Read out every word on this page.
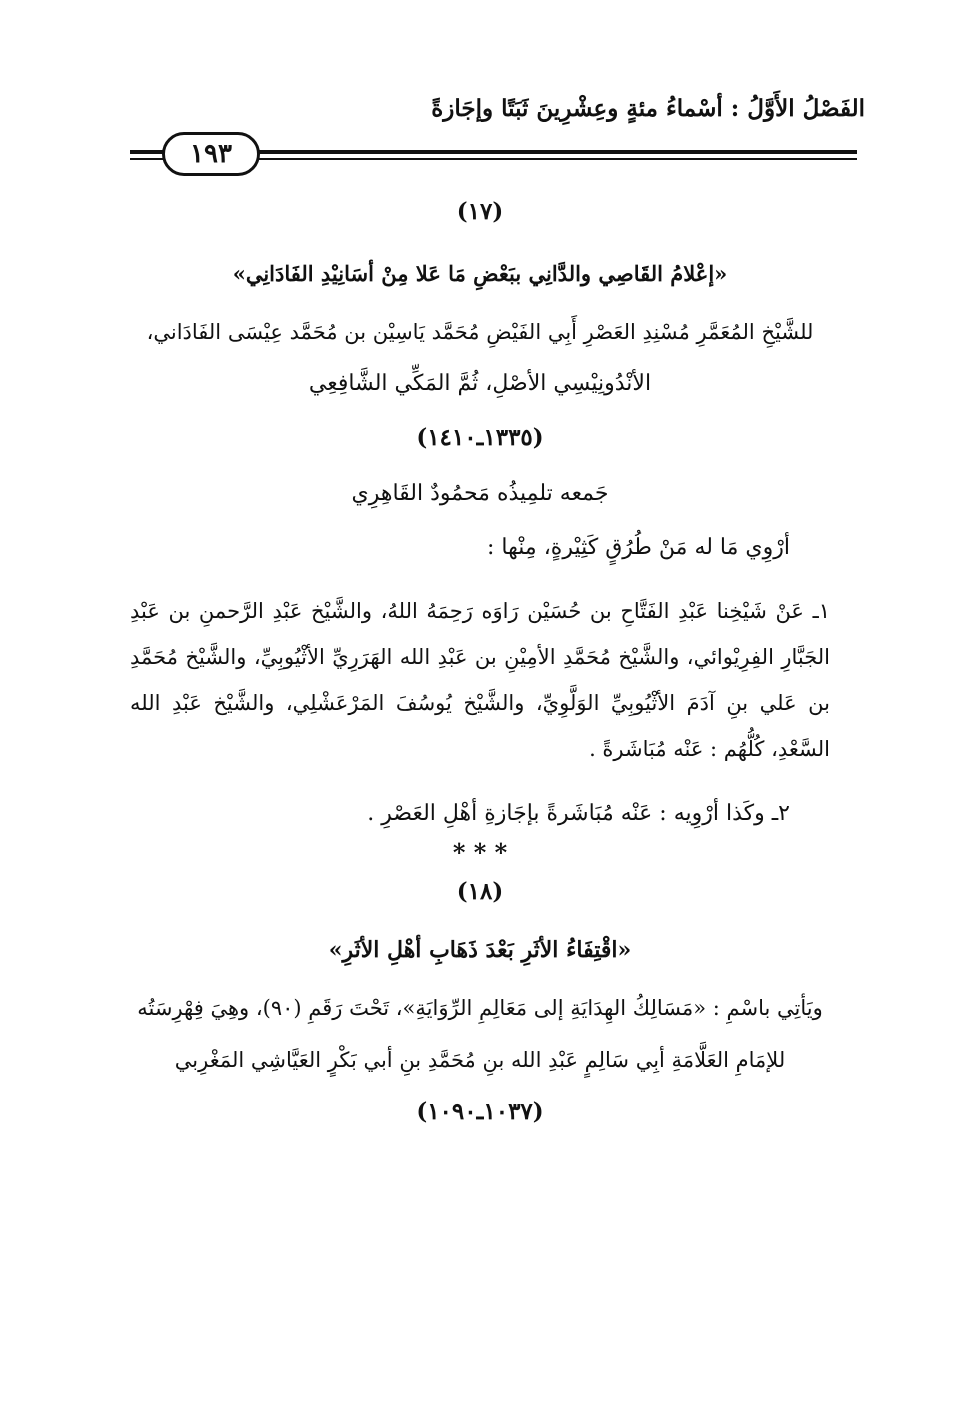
الفَصْلُ الأَوَّلُ : أسْماءُ مئةٍ وعِشْرِينَ ثَبَتًا وإجَازةً
١٩٣
(١٧)
«إعْلامُ القَاصِي والدَّانِي ببَعْضِ مَا عَلا مِنْ أسَانِيْدِ الفَادَانِي»
للشَّيْخِ المُعَمَّرِ مُسْنِدِ العَصْرِ أَبِي الفَيْضِ مُحَمَّد يَاسِيْن بن مُحَمَّد عِيْسَى الفَادَاني،
الأنْدُونِيْسِي الأصْلِ، ثُمَّ المَكِّي الشَّافِعِي
(١٣٣٥ـ١٤١٠)
جَمعه تلمِيذُه مَحمُودٌ القَاهِرِي
أرْوِي مَا له مَنْ طُرُقٍ كَثِيْرةٍ، مِنْها :
١ـ عَنْ شَيْخِنا عَبْدِ الفَتَّاحِ بن حُسَيْن رَاوَه رَحِمَهُ اللهُ، والشَّيْخ عَبْدِ الرَّحمنِ بن عَبْدِ الجَبَّارِ الفِرِيْوائي، والشَّيْخ مُحَمَّدِ الأمِيْنِ بن عَبْدِ الله الهَرَرِيِّ الأثْيُوبِيِّ، والشَّيْخ مُحَمَّدِ بن عَلي بنِ آدَمَ الأثْيُوبِيِّ الوَلَّوِيِّ، والشَّيْخ يُوسُفَ المَرْعَشْلِي، والشَّيْخ عَبْدِ الله السَّعْدِ، كُلُّهُم : عَنْه مُبَاشَرةً .
٢ـ وكَذا أرْوِيه : عَنْه مُبَاشَرةً بإجَازةِ أهْلِ العَصْرِ .
* * *
(١٨)
«اقْتِفَاءُ الأثَرِ بَعْدَ ذَهَابِ أهْلِ الأثَرِ»
ويَأتِي باسْمِ : «مَسَالِكُ الهِدَايَةِ إلى مَعَالِمِ الرِّوَايَةِ»، تَحْتَ رَقَمِ (٩٠)، وهِيَ فِهْرِسَتُه
للإمَامِ العَلَّامَةِ أبِي سَالِمٍ عَبْدِ الله بنِ مُحَمَّدِ بنِ أبي بَكْرٍ العَيَّاشِي المَغْرِبي
(١٠٣٧ـ١٠٩٠)
